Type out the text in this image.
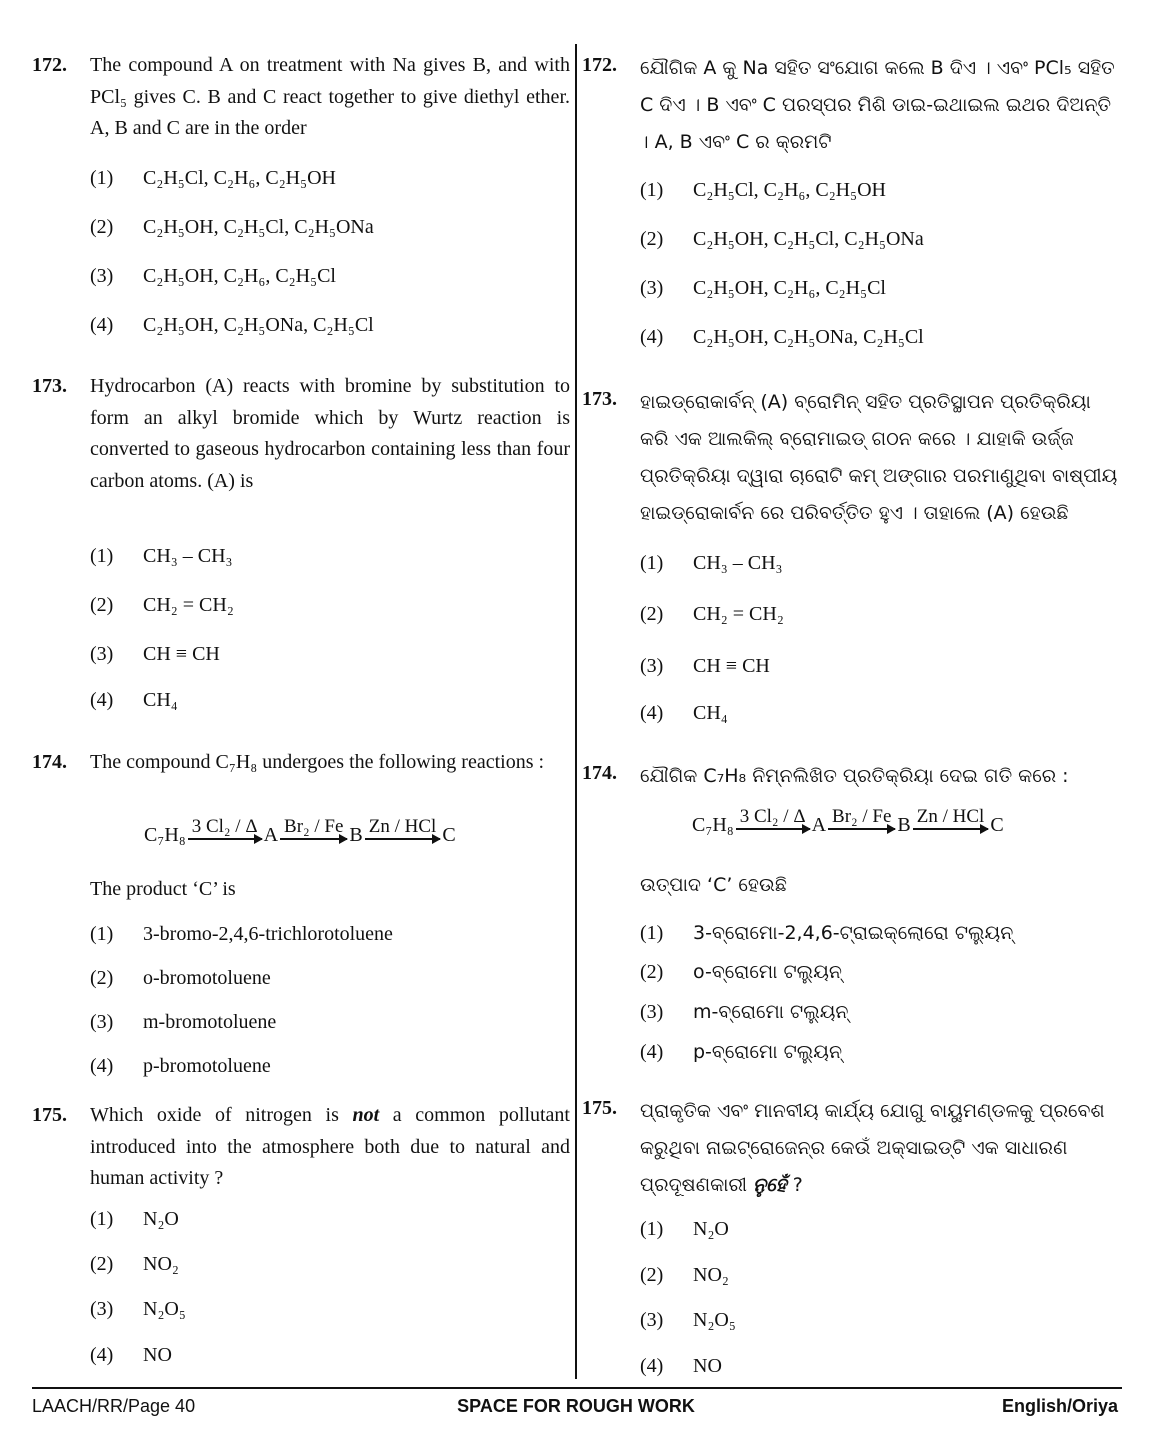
172.	The compound A on treatment with Na gives B, and with PCl₅ gives C. B and C react together to give diethyl ether. A, B and C are in the order
(1)	C₂H₅Cl, C₂H₆, C₂H₅OH
(2)	C₂H₅OH, C₂H₅Cl, C₂H₅ONa
(3)	C₂H₅OH, C₂H₆, C₂H₅Cl
(4)	C₂H₅OH, C₂H₅ONa, C₂H₅Cl
173.	Hydrocarbon (A) reacts with bromine by substitution to form an alkyl bromide which by Wurtz reaction is converted to gaseous hydrocarbon containing less than four carbon atoms. (A) is
(1)	CH₃ – CH₃
(2)	CH₂ = CH₂
(3)	CH ≡ CH
(4)	CH₄
174.	The compound C₇H₈ undergoes the following reactions :
C₇H₈ 3 Cl₂ / Δ A Br₂ / Fe B Zn / HCl C
The product ‘C’ is
(1)	3-bromo-2,4,6-trichlorotoluene
(2)	o-bromotoluene
(3)	m-bromotoluene
(4)	p-bromotoluene
175.	Which oxide of nitrogen is not a common pollutant introduced into the atmosphere both due to natural and human activity ?
(1)	N₂O
(2)	NO₂
(3)	N₂O₅
(4)	NO
172.	ଯୌଗିକ A କୁ Na ସହିତ ସଂଯୋଗ କଲେ B ଦିଏ । ଏବଂ PCl₅ ସହିତ C ଦିଏ । B ଏବଂ C ପରସ୍ପର ମିଶି ଡାଇ-ଇଥାଇଲ ଇଥର ଦିଅନ୍ତି । A, B ଏବଂ C ର କ୍ରମଟି
(1)	C₂H₅Cl, C₂H₆, C₂H₅OH
(2)	C₂H₅OH, C₂H₅Cl, C₂H₅ONa
(3)	C₂H₅OH, C₂H₆, C₂H₅Cl
(4)	C₂H₅OH, C₂H₅ONa, C₂H₅Cl
173.	ହାଇଡ୍ରୋକାର୍ବନ୍ (A) ବ୍ରୋମିନ୍ ସହିତ ପ୍ରତିସ୍ଥାପନ ପ୍ରତିକ୍ରିୟା କରି ଏକ ଆଲକିଲ୍ ବ୍ରୋମାଇଡ୍ ଗଠନ କରେ । ଯାହାକି ଉର୍ଜ୍ଜ ପ୍ରତିକ୍ରିୟା ଦ୍ୱାରା ଚାରୋଟି କମ୍ ଅଙ୍ଗାର ପରମାଣୁଥିବା ବାଷ୍ପୀୟ ହାଇଡ୍ରୋକାର୍ବନ ରେ ପରିବର୍ତ୍ତିତ ହୁଏ । ତାହାଲେ (A) ହେଉଛି
(1)	CH₃ – CH₃
(2)	CH₂ = CH₂
(3)	CH ≡ CH
(4)	CH₄
174.	ଯୌଗିକ C₇H₈ ନିମ୍ନଲିଖିତ ପ୍ରତିକ୍ରିୟା ଦେଇ ଗତି କରେ :
C₇H₈ 3 Cl₂ / Δ A Br₂ / Fe B Zn / HCl C
ଉତ୍ପାଦ ‘C’ ହେଉଛି
(1)	3-ବ୍ରୋମୋ-2,4,6-ଟ୍ରାଇକ୍ଲୋରୋ ଟଲ୍ୟୁନ୍
(2)	o-ବ୍ରୋମୋ ଟଲ୍ୟୁନ୍
(3)	m-ବ୍ରୋମୋ ଟଲ୍ୟୁନ୍
(4)	p-ବ୍ରୋମୋ ଟଲ୍ୟୁନ୍
175.	ପ୍ରାକୃତିକ ଏବଂ ମାନବୀୟ କାର୍ଯ୍ୟ ଯୋଗୁ ବାୟୁମଣ୍ଡଳକୁ ପ୍ରବେଶ କରୁଥିବା ନାଇଟ୍ରୋଜେନ୍‌ର କେଉଁ ଅକ୍ସାଇଡ୍‌ଟି ଏକ ସାଧାରଣ ପ୍ରଦୂଷଣକାରୀ ନୁହେଁ ?
(1)	N₂O
(2)	NO₂
(3)	N₂O₅
(4)	NO
LAACH/RR/Page 40	SPACE FOR ROUGH WORK	English/Oriya
